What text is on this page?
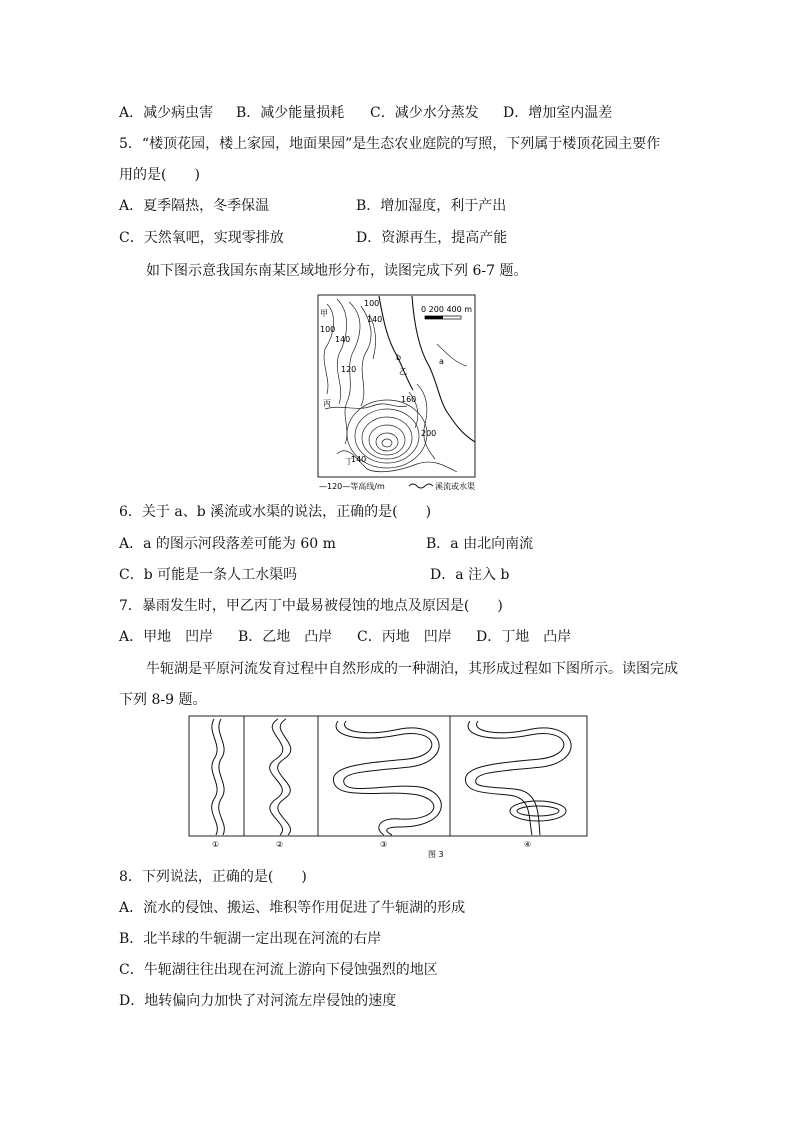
A．减少病虫害 B．减少能量损耗 C．减少水分蒸发 D．增加室内温差
5．“楼顶花园，楼上家园，地面果园”是生态农业庭院的写照，下列属于楼顶花园主要作
用的是(　　)
A．夏季隔热，冬季保温	B．增加湿度，利于产出
C．天然氧吧，实现零排放	D．资源再生，提高产能
如下图示意我国东南某区域地形分布，读图完成下列 6-7 题。
0 200 400 m
a
b
甲
乙
丙
丁
100
100
140
140
120
160
200
140
—120—等高线/m	溪流或水渠
6．关于 a、b 溪流或水渠的说法，正确的是(　　)
A．a 的图示河段落差可能为 60 m	B．a 由北向南流
C．b 可能是一条人工水渠吗	D．a 注入 b
7．暴雨发生时，甲乙丙丁中最易被侵蚀的地点及原因是(　　)
A．甲地　凹岸 B．乙地　凸岸 C．丙地　凹岸 D．丁地　凸岸
牛轭湖是平原河流发育过程中自然形成的一种湖泊，其形成过程如下图所示。读图完成
下列 8-9 题。
①	②	③	④
图 3
8．下列说法，正确的是(　　)
A．流水的侵蚀、搬运、堆积等作用促进了牛轭湖的形成
B．北半球的牛轭湖一定出现在河流的右岸
C．牛轭湖往往出现在河流上游向下侵蚀强烈的地区
D．地转偏向力加快了对河流左岸侵蚀的速度
